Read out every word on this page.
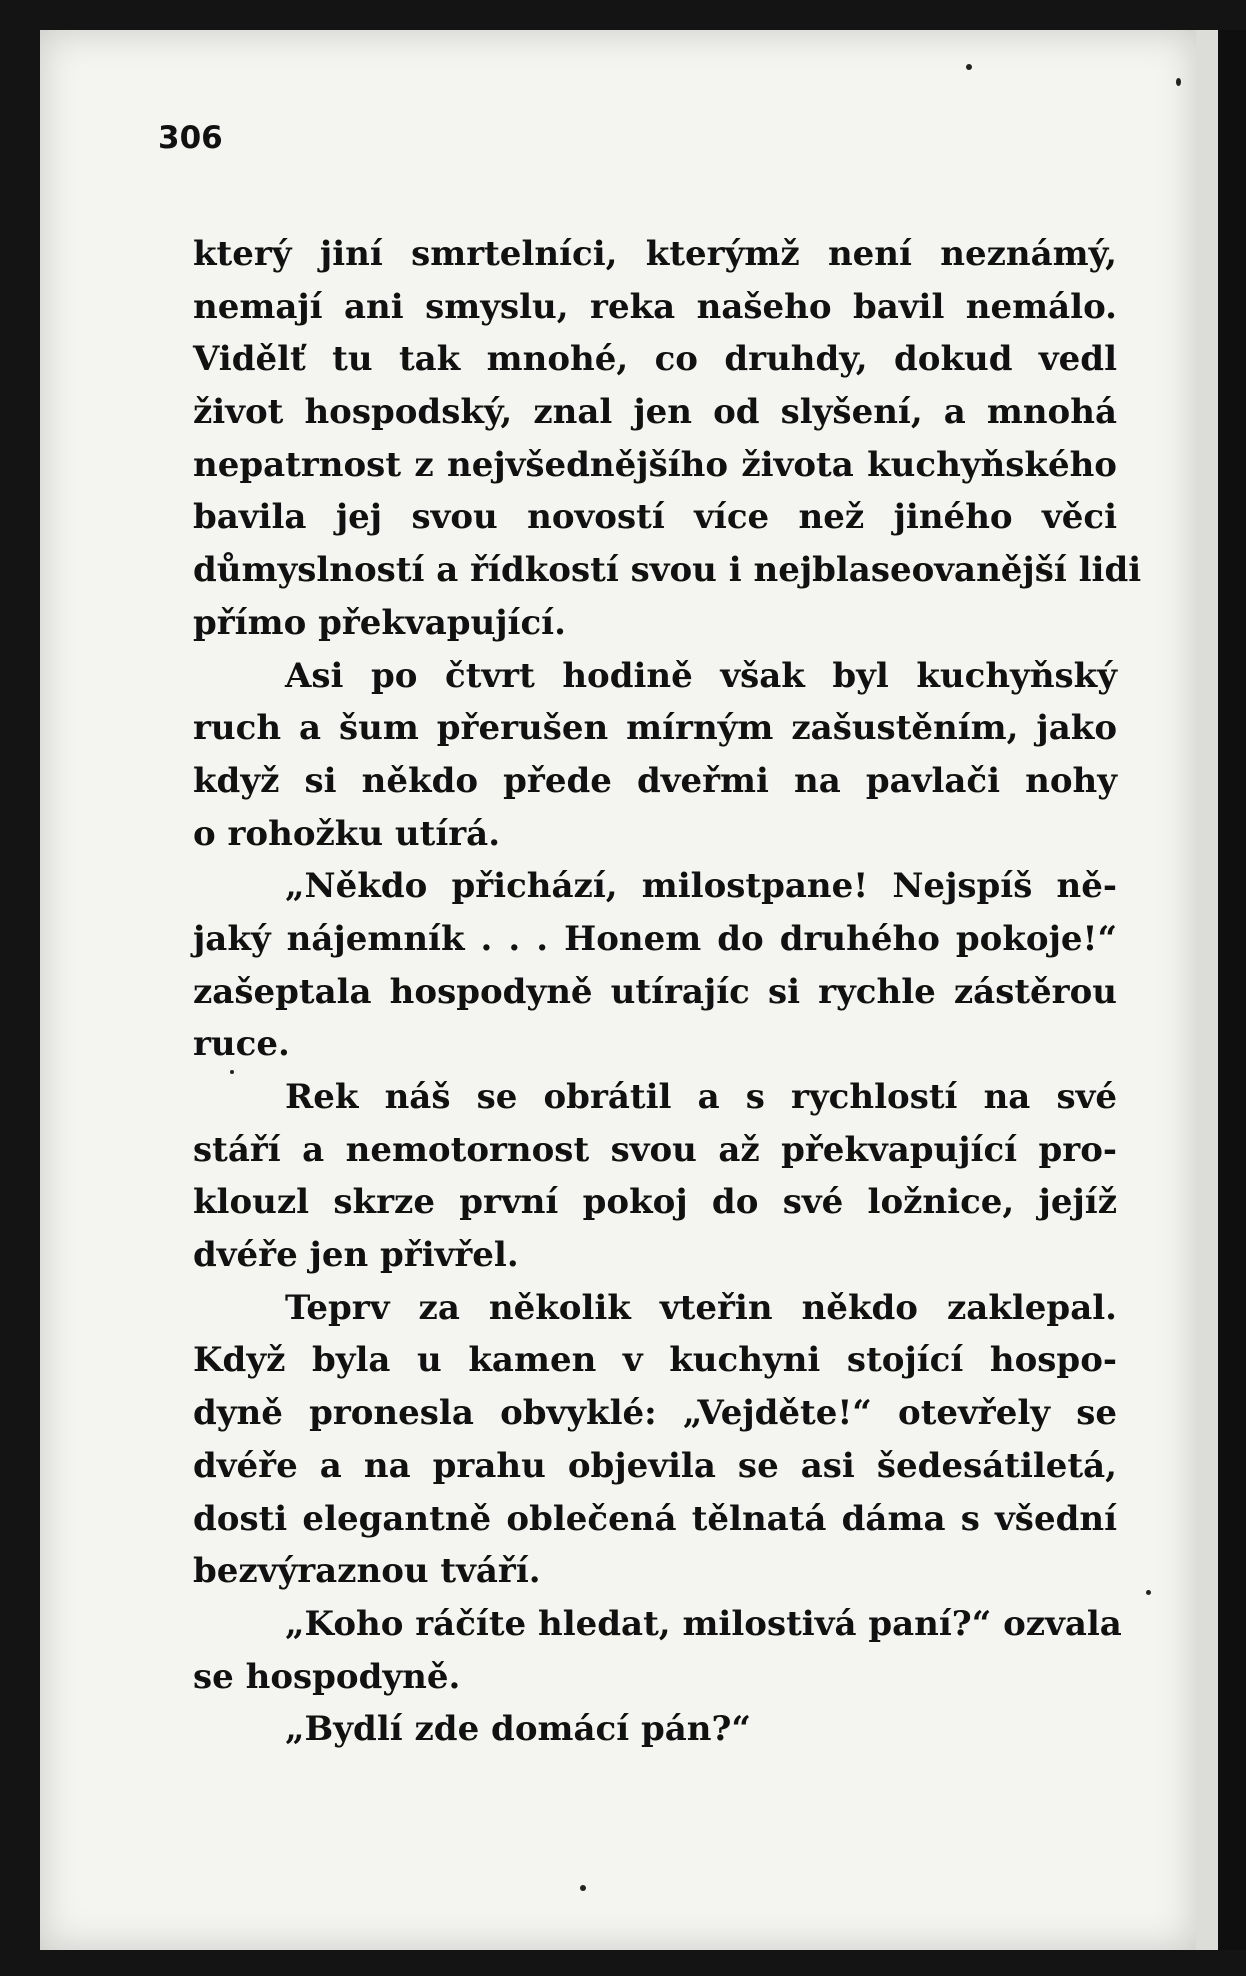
306
který jiní smrtelníci, kterýmž není neznámý,
nemají ani smyslu, reka našeho bavil nemálo.
Vidělť tu tak mnohé, co druhdy, dokud vedl
život hospodský, znal jen od slyšení, a mnohá
nepatrnost z nejvšednějšího života kuchyňského
bavila jej svou novostí více než jiného věci
důmyslností a řídkostí svou i nejblaseovanější lidi
přímo překvapující.
Asi po čtvrt hodině však byl kuchyňský
ruch a šum přerušen mírným zašustěním, jako
když si někdo přede dveřmi na pavlači nohy
o rohožku utírá.
„Někdo přichází, milostpane! Nejspíš ně-
jaký nájemník . . . Honem do druhého pokoje!“
zašeptala hospodyně utírajíc si rychle zástěrou
ruce.
Rek náš se obrátil a s rychlostí na své
stáří a nemotornost svou až překvapující pro-
klouzl skrze první pokoj do své ložnice, jejíž
dvéře jen přivřel.
Teprv za několik vteřin někdo zaklepal.
Když byla u kamen v kuchyni stojící hospo-
dyně pronesla obvyklé: „Vejděte!“ otevřely se
dvéře a na prahu objevila se asi šedesátiletá,
dosti elegantně oblečená tělnatá dáma s všední
bezvýraznou tváří.
„Koho ráčíte hledat, milostivá paní?“ ozvala
se hospodyně.
„Bydlí zde domácí pán?“
